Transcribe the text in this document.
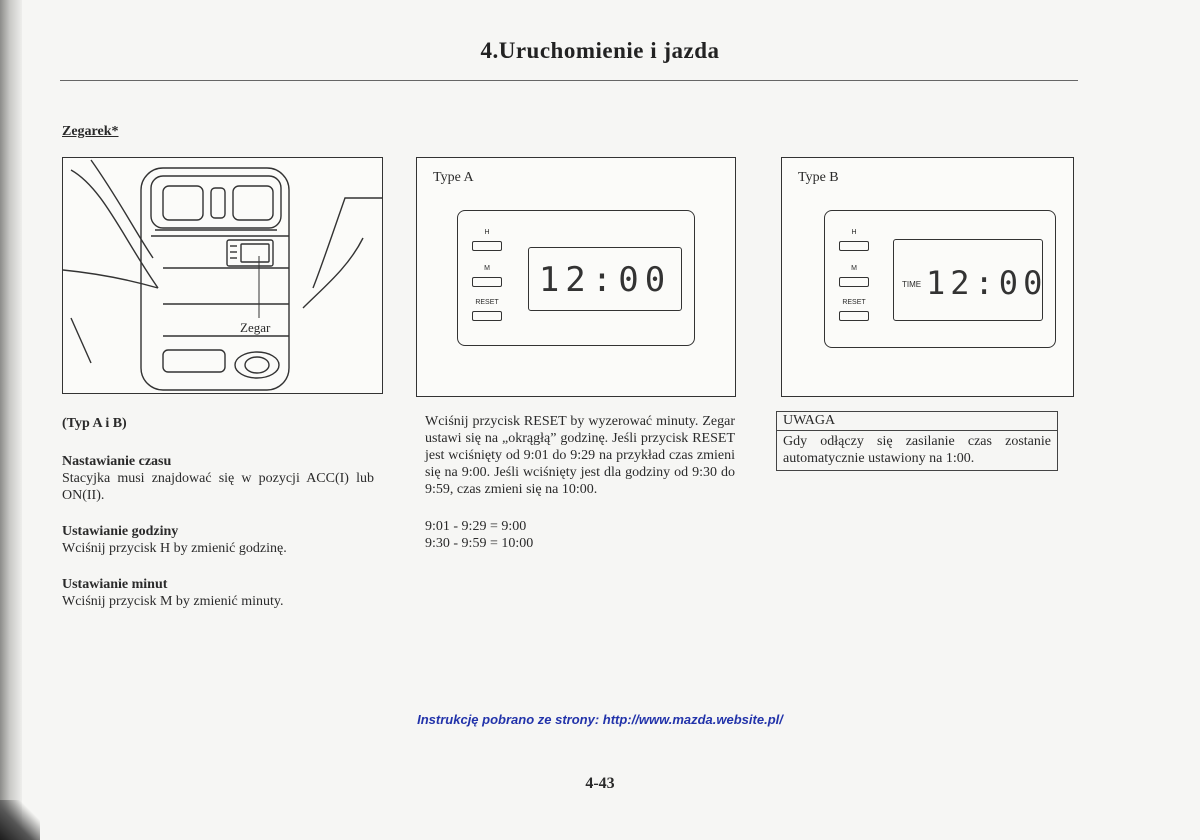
4.Uruchomienie i jazda
Zegarek*
Zegar
Type A
H
M
RESET
12:00
Type B
H
M
RESET
TIME 12:00
(Typ A i B)
Nastawianie czasu
Stacyjka musi znajdować się w pozycji ACC(I) lub ON(II).
Ustawianie godziny
Wciśnij przycisk H by zmienić godzinę.
Ustawianie minut
Wciśnij przycisk M by zmienić minuty.
Wciśnij przycisk RESET by wyzerować minuty. Zegar ustawi się na „okrągłą” godzinę. Jeśli przycisk RESET jest wciśnięty od 9:01 do 9:29 na przykład czas zmieni się na 9:00. Jeśli wciśnięty jest dla godziny od 9:30 do 9:59, czas zmieni się na 10:00.
9:01 - 9:29 = 9:00
9:30 - 9:59 = 10:00
UWAGA
Gdy odłączy się zasilanie czas zostanie automatycznie ustawiony na 1:00.
Instrukcję pobrano ze strony: http://www.mazda.website.pl/
4-43
